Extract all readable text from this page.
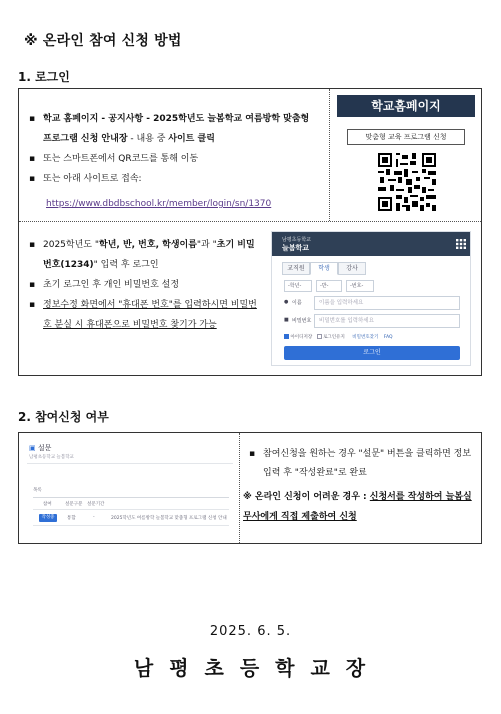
※ 온라인 참여 신청 방법
1. 로그인
▪ 학교 홈페이지 - 공지사항 - 2025학년도 늘봄학교 여름방학 맞춤형 프로그램 신청 안내장 - 내용 중 사이트 클릭
▪ 또는 스마트폰에서 QR코드를 통해 이동
▪ 또는 아래 사이트로 접속:
https://www.dbdbschool.kr/member/login/sn/1370
학교홈페이지
맞춤형 교육 프로그램 신청
▪ 2025학년도 "학년, 반, 번호, 학생이름"과 "초기 비밀번호(1234)" 입력 후 로그인
▪ 초기 로그인 후 개인 비밀번호 설정
▪ 정보수정 화면에서 "휴대폰 번호"를 입력하시면 비밀번호 분실 시 휴대폰으로 비밀번호 찾기가 가능
남평초등학교
늘봄학교
교직원	학생	강사
-학년-	-반-	-번호-
● 이름	이름을 입력하세요
■ 비밀번호	비밀번호를 입력하세요
아이디저장 로그인유지 비밀번호찾기 FAQ
로그인
2. 참여신청 여부
▣ 설문
남평초등학교 늘봄학교
목록
참여	설문구분 설문기간
작성중	통합	-	2025학년도 여름방학 늘봄학교 맞춤형 프로그램 신청 안내
▪ 참여신청을 원하는 경우 "설문" 버튼을 클릭하면 정보 입력 후 "작성완료"로 완료
※ 온라인 신청이 어려운 경우 : 신청서를 작성하여 늘봄실무사에게 직접 제출하여 신청
2025. 6. 5.
남평초등학교장
